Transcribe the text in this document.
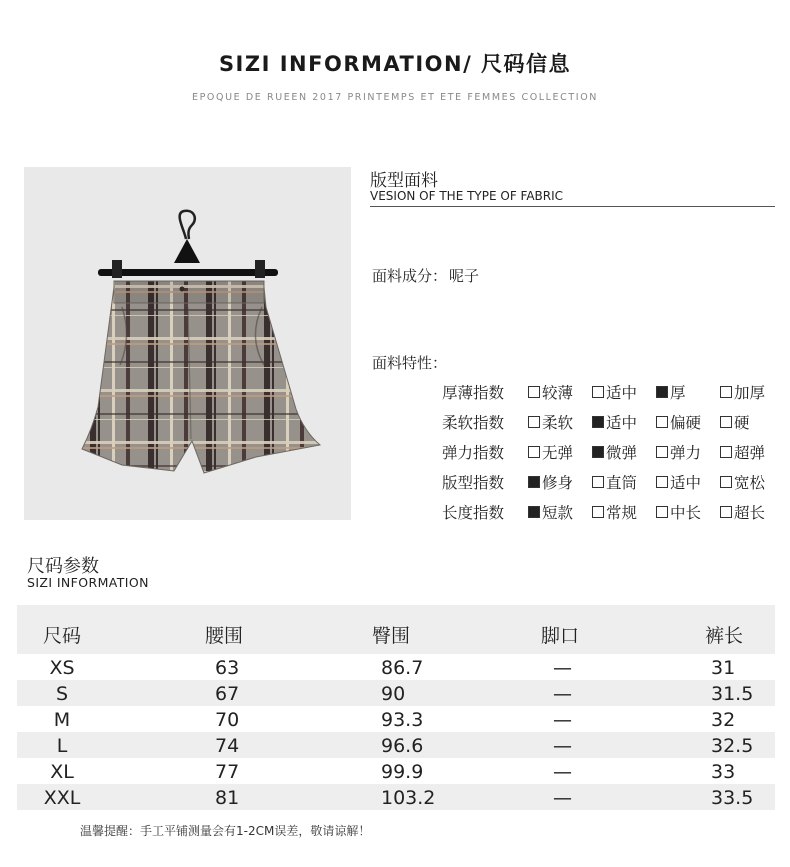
SIZI INFORMATION/ 尺码信息
EPOQUE DE RUEEN 2017 PRINTEMPS ET ETE FEMMES COLLECTION
版型面料
VESION OF THE TYPE OF FABRIC
面料成分： 呢子
面料特性：
厚薄指数	较薄 适中 厚	加厚
柔软指数	柔软 适中 偏硬 硬
弹力指数	无弹 微弹 弹力 超弹
版型指数	修身 直筒 适中 宽松
长度指数	短款 常规 中长 超长
尺码参数
SIZI INFORMATION
尺码	腰围	臀围	脚口	裤长
XS	63	86.7	—	31
S	67	90	—	31.5
M	70	93.3	—	32
L	74	96.6	—	32.5
XL	77	99.9	—	33
XXL	81	103.2	—	33.5
温馨提醒：手工平铺测量会有1-2CM误差，敬请谅解！
